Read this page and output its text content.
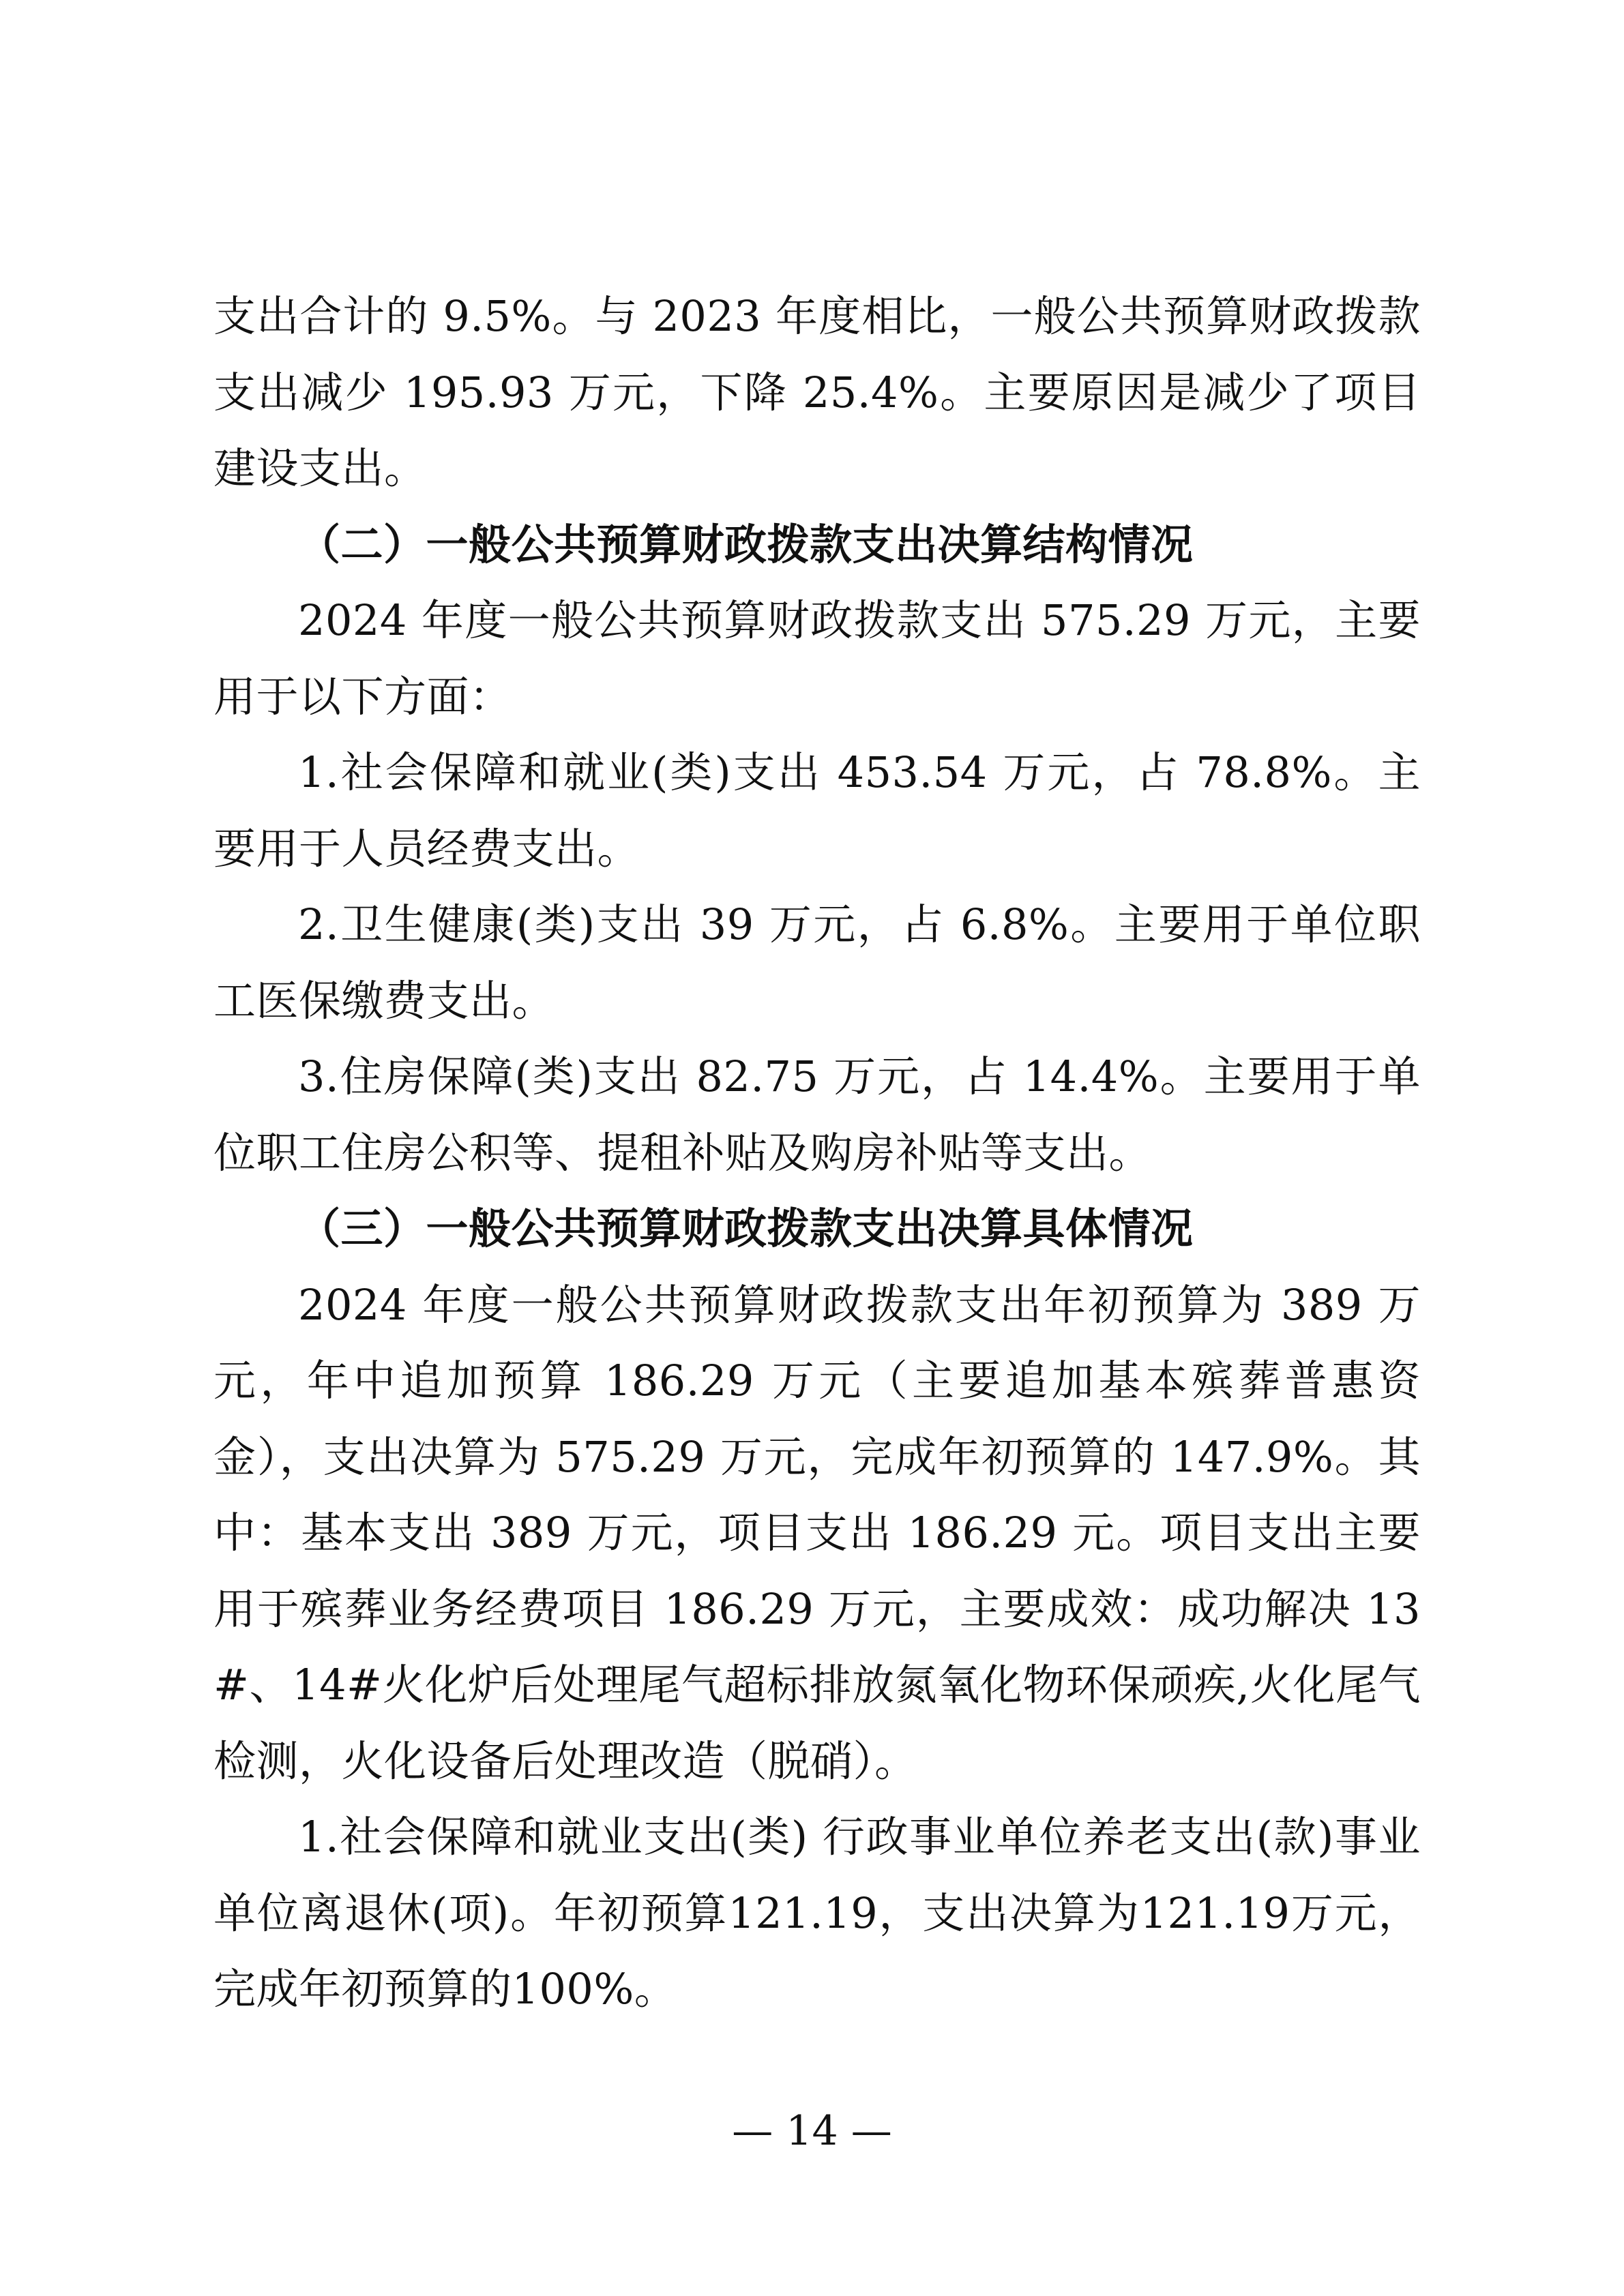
支出合计的 9.5%。与 2023 年度相比，一般公共预算财政拨款支出减少 195.93 万元，下降 25.4%。主要原因是减少了项目建设支出。

（二）一般公共预算财政拨款支出决算结构情况

2024 年度一般公共预算财政拨款支出 575.29 万元，主要用于以下方面：

1.社会保障和就业(类)支出 453.54 万元，占 78.8%。主要用于人员经费支出。

2.卫生健康(类)支出 39 万元，占 6.8%。主要用于单位职工医保缴费支出。

3.住房保障(类)支出 82.75 万元，占 14.4%。主要用于单位职工住房公积等、提租补贴及购房补贴等支出。

（三）一般公共预算财政拨款支出决算具体情况

2024 年度一般公共预算财政拨款支出年初预算为 389 万元，年中追加预算 186.29 万元（主要追加基本殡葬普惠资金），支出决算为 575.29 万元，完成年初预算的 147.9%。其中：基本支出 389 万元，项目支出 186.29 元。项目支出主要用于殡葬业务经费项目 186.29 万元，主要成效：成功解决 13#、14#火化炉后处理尾气超标排放氮氧化物环保顽疾,火化尾气检测，火化设备后处理改造（脱硝）。

1.社会保障和就业支出(类) 行政事业单位养老支出(款)事业单位离退休(项)。年初预算121.19，支出决算为121.19万元，完成年初预算的100%。

— 14 —
